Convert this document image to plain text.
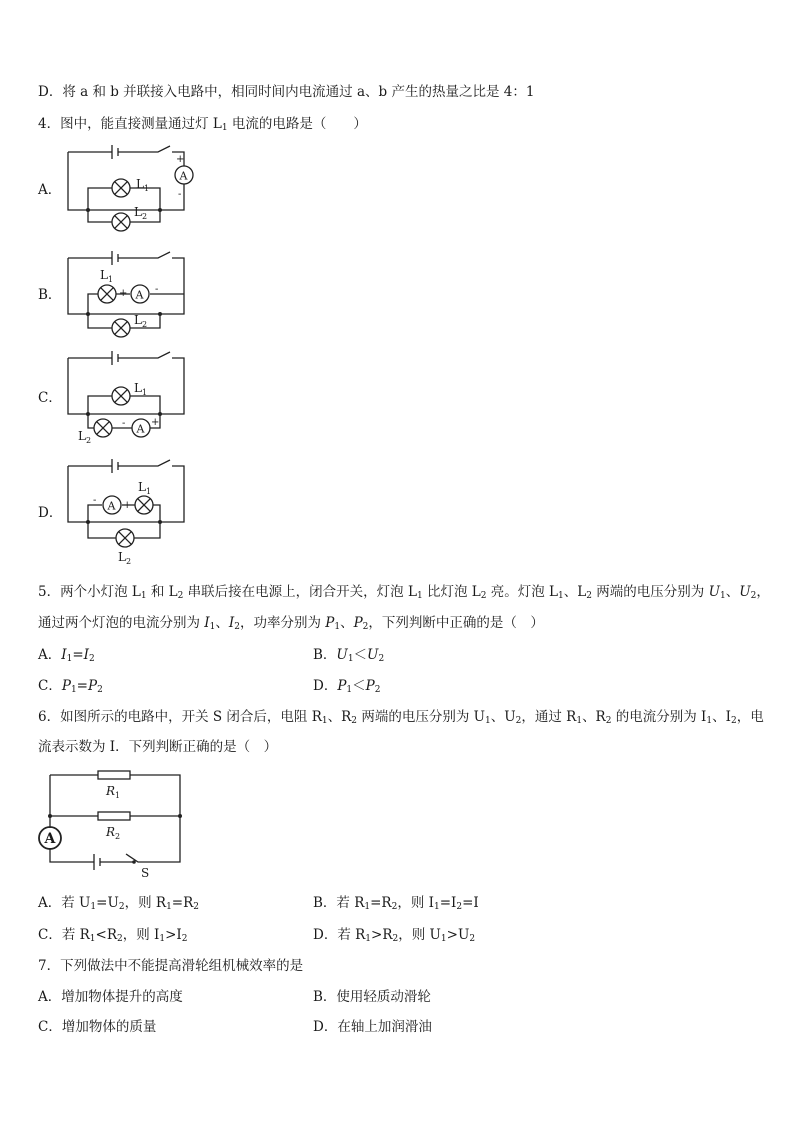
D．将 a 和 b 并联接入电路中，相同时间内电流通过 a、b 产生的热量之比是 4：1
4．图中，能直接测量通过灯 $L_1$ 电流的电路是（　　）
A．
B．
C．
D．
A
+
-
L 1
L 2
A
+	-
L 1
L 2
A +
-
L 1
L 2
A +
-
L 1
L 2
5．两个小灯泡 $L_1$ 和 $L_2$ 串联后接在电源上，闭合开关，灯泡 $L_1$ 比灯泡 $L_2$ 亮。灯泡 $L_1$、$L_2$ 两端的电压分别为 $U_1$、$U_2$，
通过两个灯泡的电流分别为 $I_1$、$I_2$，功率分别为 $P_1$、$P_2$，下列判断中正确的是（　）
A．$I_1=I_2$	B．$U_1<U_2$
C．$P_1=P_2$	D．$P_1<P_2$
6．如图所示的电路中，开关 S 闭合后，电阻 $R_1$、$R_2$ 两端的电压分别为 $U_1$、$U_2$，通过 $R_1$、$R_2$ 的电流分别为 $I_1$、$I_2$，电
流表示数为 I．下列判断正确的是（　）
A
R 1
R 2
S
A．若 $U_1=U_2$，则 $R_1=R_2$	B．若 $R_1=R_2$，则 $I_1=I_2=I$
C．若 $R_1<R_2$，则 $I_1>I_2$	D．若 $R_1>R_2$，则 $U_1>U_2$
7．下列做法中不能提高滑轮组机械效率的是
A．增加物体提升的高度	B．使用轻质动滑轮
C．增加物体的质量	D．在轴上加润滑油
